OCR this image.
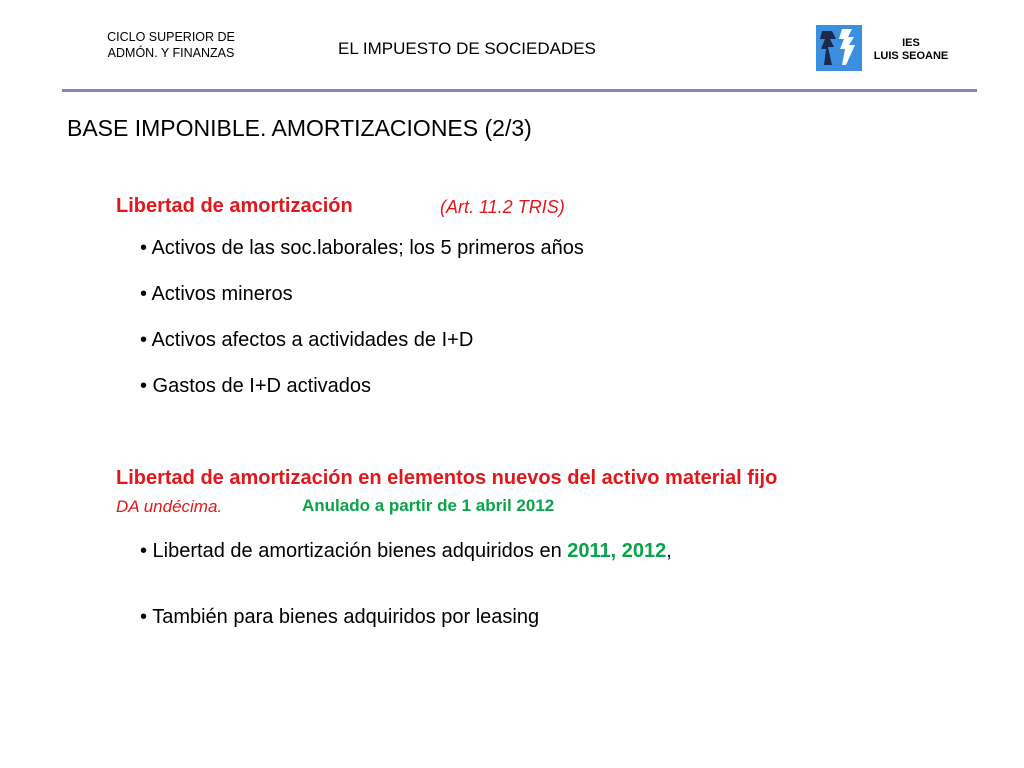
CICLO SUPERIOR DE
ADMÓN. Y FINANZAS	EL IMPUESTO DE SOCIEDADES	IES
LUIS SEOANE
BASE IMPONIBLE. AMORTIZACIONES (2/3)
Libertad de amortización	(Art. 11.2 TRIS)
• Activos de las soc.laborales; los 5 primeros años
• Activos mineros
• Activos afectos a actividades de I+D
• Gastos de I+D activados
Libertad de amortización en elementos nuevos del activo material fijo
DA undécima.	Anulado a partir de 1 abril 2012
• Libertad de amortización bienes adquiridos en 2011, 2012,
• También para bienes adquiridos por leasing
